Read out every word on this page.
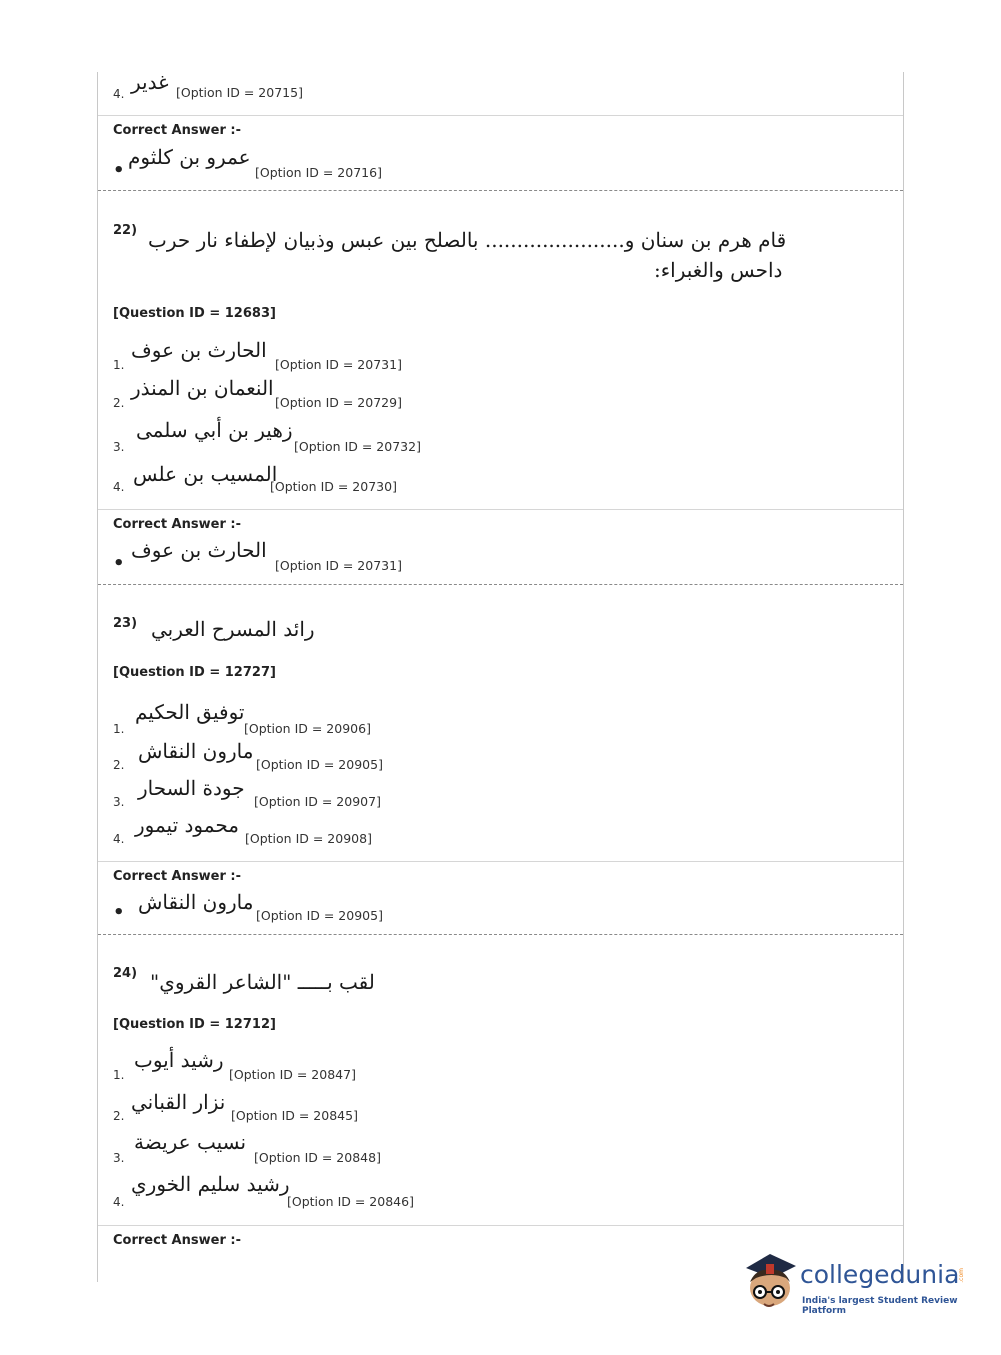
4. غدير [Option ID = 20715]
Correct Answer :-
•
عمرو بن كلثوم
[Option ID = 20716]
22) قام هرم بن سنان و...................... بالصلح بين عبس وذبيان لإطفاء نار حرب
داحس والغبراء:
[Question ID = 12683]
1.
الحارث بن عوف
[Option ID = 20731]
2.
النعمان بن المنذر
[Option ID = 20729]
3.
زهير بن أبي سلمى
[Option ID = 20732]
4.
المسيب بن علس
[Option ID = 20730]
Correct Answer :-
•
الحارث بن عوف
[Option ID = 20731]
23) رائد المسرح العربي
[Question ID = 12727]
1.
توفيق الحكيم
[Option ID = 20906]
2.
مارون النقاش
[Option ID = 20905]
3.
جودة السحار
[Option ID = 20907]
4.
محمود تيمور
[Option ID = 20908]
Correct Answer :-
• مارون النقاش
[Option ID = 20905]
24) لقب بـــــ "الشاعر القروي"
[Question ID = 12712]
1.
رشيد أيوب
[Option ID = 20847]
2.
نزار القباني
[Option ID = 20845]
3.
نسيب عريضة
[Option ID = 20848]
4.
رشيد سليم الخوري
[Option ID = 20846]
Correct Answer :-
collegedunia
.com
India's largest Student Review Platform
